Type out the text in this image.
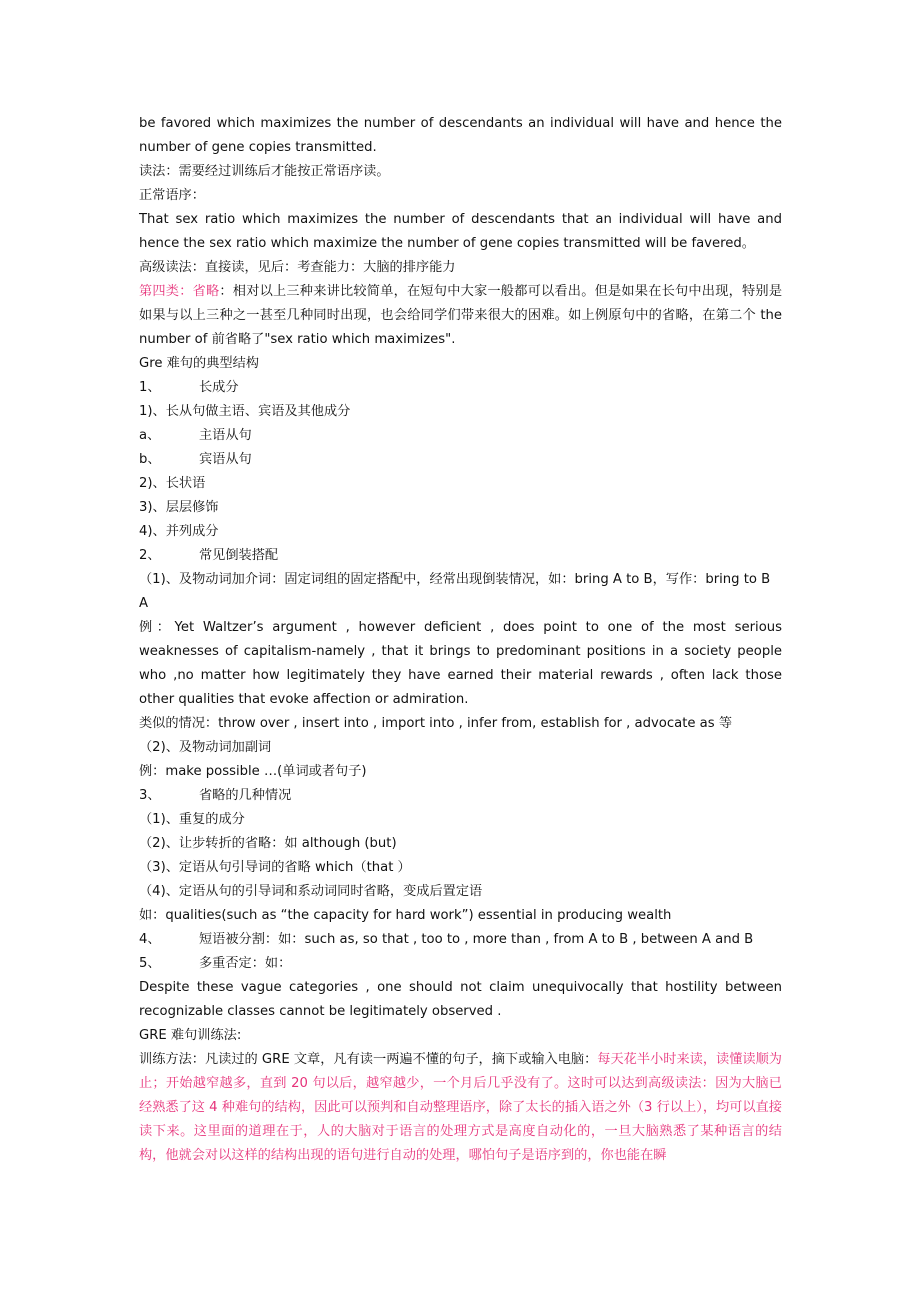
be favored which maximizes the number of descendants an individual will have and hence the number of gene copies transmitted.

读法：需要经过训练后才能按正常语序读。

正常语序：

That sex ratio which maximizes the number of descendants that an individual will have and hence the sex ratio which maximize the number of gene copies transmitted will be favered。

高级读法：直接读，见后：考查能力：大脑的排序能力

第四类：省略：相对以上三种来讲比较简单，在短句中大家一般都可以看出。但是如果在长句中出现，特别是如果与以上三种之一甚至几种同时出现，也会给同学们带来很大的困难。如上例原句中的省略，在第二个 the number of 前省略了"sex ratio which maximizes".

Gre 难句的典型结构

1、	长成分

1)、长从句做主语、宾语及其他成分

a、	主语从句

b、	宾语从句

2)、长状语

3)、层层修饰

4)、并列成分

2、	常见倒装搭配

（1)、及物动词加介词：固定词组的固定搭配中，经常出现倒装情况，如：bring A to B，写作：bring to B A

例：Yet Waltzer’s argument , however deficient , does point to one of the most serious weaknesses of capitalism-namely , that it brings to predominant positions in a society people who ,no matter how legitimately they have earned their material rewards , often lack those other qualities that evoke affection or admiration.

类似的情况：throw over , insert into , import into , infer from, establish for , advocate as 等

（2)、及物动词加副词

例：make possible …(单词或者句子)

3、	省略的几种情况

（1)、重复的成分

（2)、让步转折的省略：如 although (but)

（3)、定语从句引导词的省略 which（that ）

（4)、定语从句的引导词和系动词同时省略，变成后置定语

如：qualities(such as “the capacity for hard work”) essential in producing wealth

4、	短语被分割：如：such as, so that , too to , more than , from A to B , between A and B

5、	多重否定：如：

Despite these vague categories , one should not claim unequivocally that hostility between recognizable classes cannot be legitimately observed .

GRE 难句训练法:

训练方法：凡读过的 GRE 文章，凡有读一两遍不懂的句子，摘下或输入电脑：每天花半小时来读，读懂读顺为止；开始越窄越多，直到 20 句以后，越窄越少，一个月后几乎没有了。这时可以达到高级读法：因为大脑已经熟悉了这 4 种难句的结构，因此可以预判和自动整理语序，除了太长的插入语之外（3 行以上），均可以直接读下来。这里面的道理在于，人的大脑对于语言的处理方式是高度自动化的，一旦大脑熟悉了某种语言的结构，他就会对以这样的结构出现的语句进行自动的处理，哪怕句子是语序到的，你也能在瞬
